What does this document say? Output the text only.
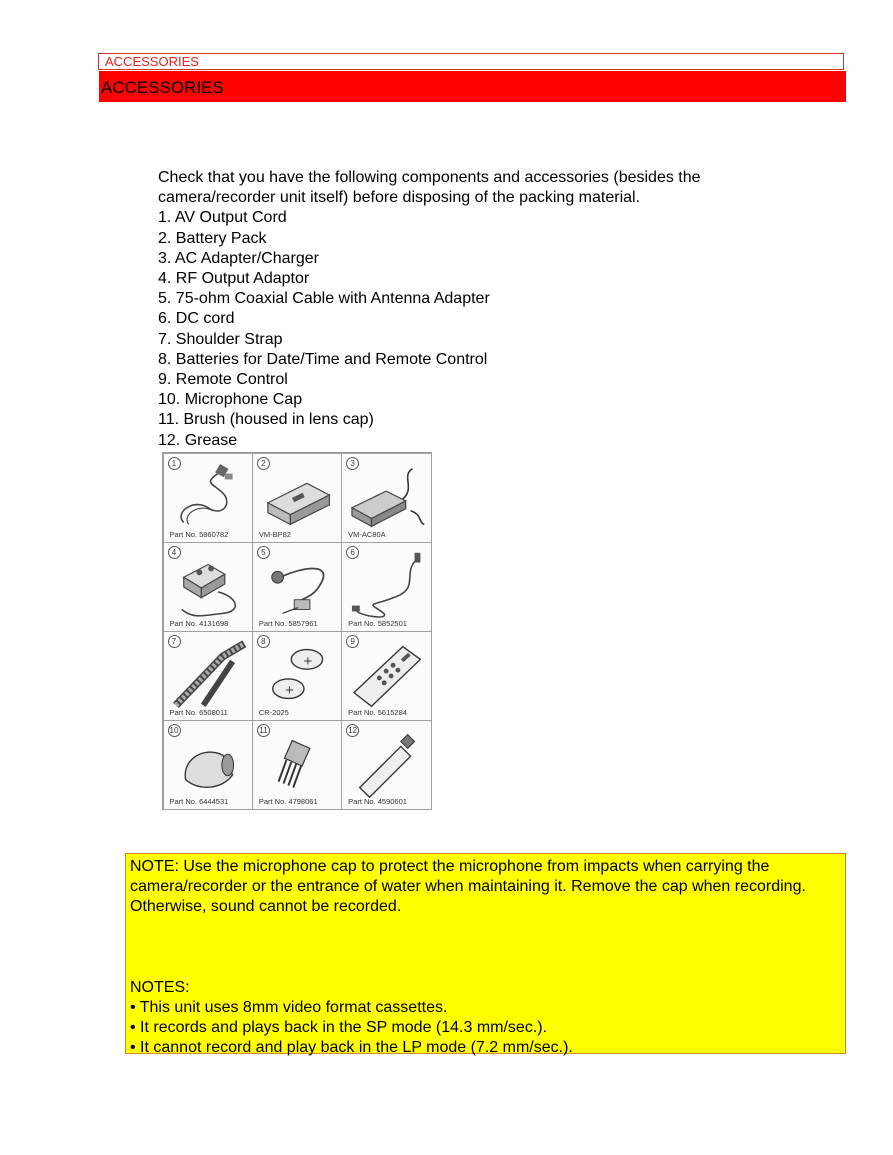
ACCESSORIES
ACCESSORIES

Check that you have the following components and accessories (besides the camera/recorder unit itself) before disposing of the packing material.

1. AV Output Cord
2. Battery Pack
3. AC Adapter/Charger
4. RF Output Adaptor
5. 75-ohm Coaxial Cable with Antenna Adapter
6. DC cord
7. Shoulder Strap
8. Batteries for Date/Time and Remote Control
9. Remote Control
10. Microphone Cap
11. Brush (housed in lens cap)
12. Grease
1
Part No. 5860782
2
VM-BP82
3
VM-AC80A
4
Part No. 4131698
5
Part No. 5857961
6
Part No. 5852501
7
Part No. 6508011
8
+
+
CR-2025
9
Part No. 5615284
10
Part No. 6444531
11
Part No. 4798061
12
Part No. 4590601

NOTE: Use the microphone cap to protect the microphone from impacts when carrying the camera/recorder or the entrance of water when maintaining it. Remove the cap when recording. Otherwise, sound cannot be recorded.

NOTES:

• This unit uses 8mm video format cassettes.
• It records and plays back in the SP mode (14.3 mm/sec.).
• It cannot record and play back in the LP mode (7.2 mm/sec.).
